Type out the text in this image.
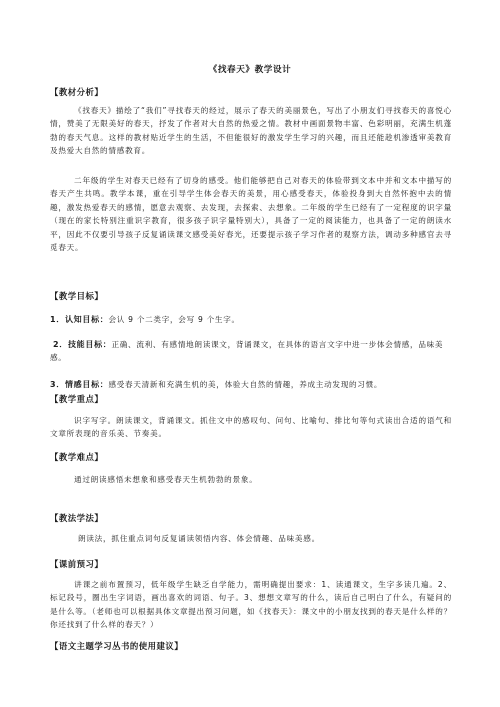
《找春天》教学设计
【教材分析】

《找春天》描绘了“我们”寻找春天的经过，展示了春天的美丽景色，写出了小朋友们寻找春天的喜悦心情，赞美了无限美好的春天，抒发了作者对大自然的热爱之情。教材中画面景物丰富、色彩明丽，充满生机蓬勃的春天气息。这样的教材贴近学生的生活，不但能很好的激发学生学习的兴趣，而且还能趁机渗透审美教育及热爱大自然的情感教育。

二年级的学生对春天已经有了切身的感受。他们能够把自己对春天的体验带到文本中并和文本中描写的春天产生共鸣。教学本课，重在引导学生体会春天的美景，用心感受春天，体验投身到大自然怀抱中去的情趣，激发热爱春天的感情，愿意去观察、去发现，去探索、去想象。二年级的学生已经有了一定程度的识字量（现在的家长特别注重识字教育，很多孩子识字量特别大），具备了一定的阅读能力，也具备了一定的朗读水平，因此不仅要引导孩子反复诵读课文感受美好春光，还要提示孩子学习作者的观察方法，调动多种感官去寻觅春天。

【教学目标】
1．认知目标：会认 9 个二类字，会写 9 个生字。
2．技能目标：正确、流利、有感情地朗读课文，背诵课文，在具体的语言文字中进一步体会情感，品味美感。
3．情感目标：感受春天清新和充满生机的美，体验大自然的情趣，养成主动发现的习惯。
【教学重点】

识字写字。朗读课文，背诵课文。抓住文中的感叹句、问句、比喻句、排比句等句式读出合适的语气和文章所表现的音乐美、节奏美。

【教学难点】

通过朗读感悟未想象和感受春天生机勃勃的景象。

【教法学法】

朗读法，抓住重点词句反复诵读领悟内容、体会情趣、品味美感。

【课前预习】

讲课之前布置预习，低年级学生缺乏自学能力，需明确提出要求：1、读通课文，生字多读几遍。2、标记段号，圈出生字词语，画出喜欢的词语、句子。3、想想文章写的什么，读后自己明白了什么，有疑问的是什么等。（老师也可以根据具体文章提出预习问题，如《找春天》：课文中的小朋友找到的春天是什么样的？你还找到了什么样的春天？）

【语文主题学习丛书的使用建议】
